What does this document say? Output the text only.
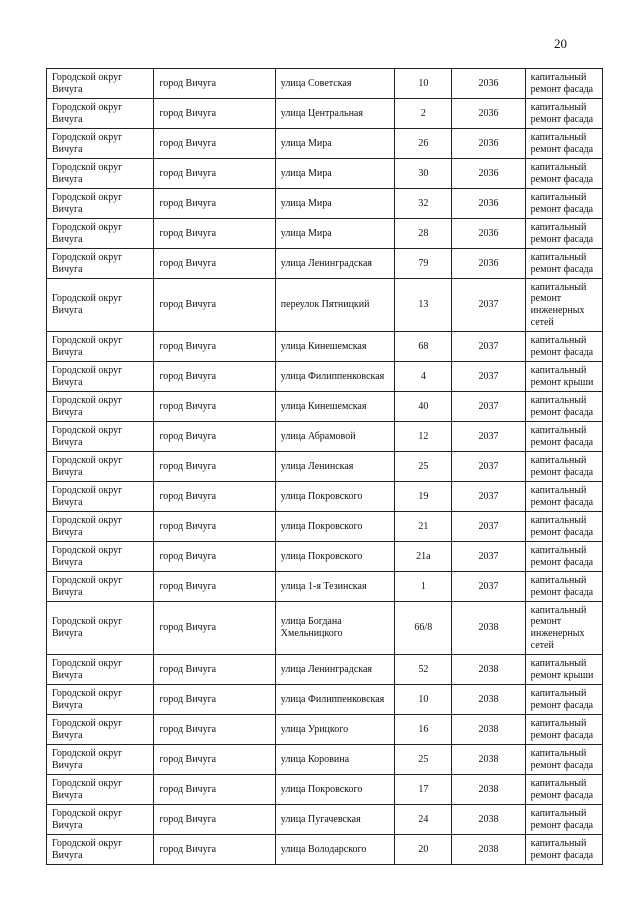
20
Городской округ Вичуга	город Вичуга	улица Советская	10	2036	капитальный ремонт фасада
Городской округ Вичуга	город Вичуга	улица Центральная	2	2036	капитальный ремонт фасада
Городской округ Вичуга	город Вичуга	улица Мира	26	2036	капитальный ремонт фасада
Городской округ Вичуга	город Вичуга	улица Мира	30	2036	капитальный ремонт фасада
Городской округ Вичуга	город Вичуга	улица Мира	32	2036	капитальный ремонт фасада
Городской округ Вичуга	город Вичуга	улица Мира	28	2036	капитальный ремонт фасада
Городской округ Вичуга	город Вичуга	улица Ленинградская	79	2036	капитальный ремонт фасада
Городской округ Вичуга	город Вичуга	переулок Пятницкий	13	2037	капитальный ремонт инженерных сетей
Городской округ Вичуга	город Вичуга	улица Кинешемская	68	2037	капитальный ремонт фасада
Городской округ Вичуга	город Вичуга	улица Филиппенковская	4	2037	капитальный ремонт крыши
Городской округ Вичуга	город Вичуга	улица Кинешемская	40	2037	капитальный ремонт фасада
Городской округ Вичуга	город Вичуга	улица Абрамовой	12	2037	капитальный ремонт фасада
Городской округ Вичуга	город Вичуга	улица Ленинская	25	2037	капитальный ремонт фасада
Городской округ Вичуга	город Вичуга	улица Покровского	19	2037	капитальный ремонт фасада
Городской округ Вичуга	город Вичуга	улица Покровского	21	2037	капитальный ремонт фасада
Городской округ Вичуга	город Вичуга	улица Покровского	21а	2037	капитальный ремонт фасада
Городской округ Вичуга	город Вичуга	улица 1-я Тезинская	1	2037	капитальный ремонт фасада
Городской округ Вичуга	город Вичуга	улица Богдана Хмельницкого	66/8	2038	капитальный ремонт инженерных сетей
Городской округ Вичуга	город Вичуга	улица Ленинградская	52	2038	капитальный ремонт крыши
Городской округ Вичуга	город Вичуга	улица Филиппенковская	10	2038	капитальный ремонт фасада
Городской округ Вичуга	город Вичуга	улица Урицкого	16	2038	капитальный ремонт фасада
Городской округ Вичуга	город Вичуга	улица Коровина	25	2038	капитальный ремонт фасада
Городской округ Вичуга	город Вичуга	улица Покровского	17	2038	капитальный ремонт фасада
Городской округ Вичуга	город Вичуга	улица Пугачевская	24	2038	капитальный ремонт фасада
Городской округ Вичуга	город Вичуга	улица Володарского	20	2038	капитальный ремонт фасада
